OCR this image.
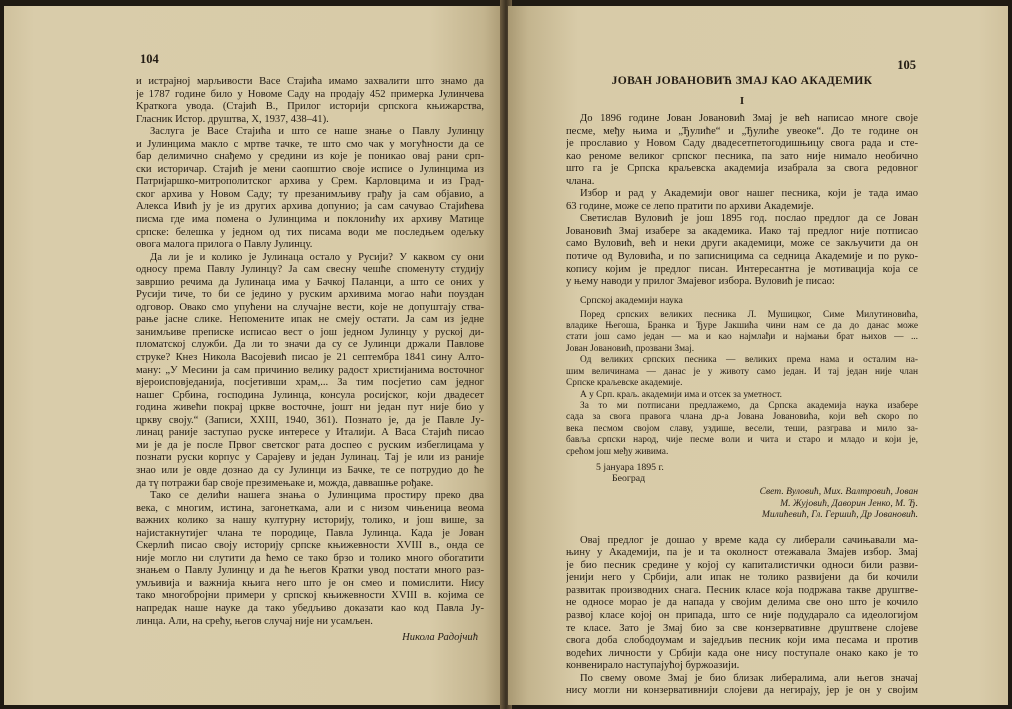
104
и истрајној марљивости Васе Стајића имамо захвалити што знамо да
је 1787 године било у Новоме Саду на продају 452 примерка Јулинчева
Kраткога увода. (Стајић В., Прилог историји српскога књижарства,
Гласник Истор. друштва, X, 1937, 438–41).
Заслуга је Васе Стајића и што се наше знање о Павлу Јулинцу
и Јулинцима макло с мртве тачке, те што смо чак у могућности да се
бар делимично снађемо у средини из које је поникао овај рани срп-
ски историчар. Стајић је мени саопштио своје исписе о Јулинцима из
Патријаршко-митрополитског архива у Срем. Карловцима и из Град-
ског архива у Новом Саду; ту презанимљиву грађу ја сам објавио, а
Алекса Ивић ју је из других архива допунио; ја сам сачувао Стајићева
писма где има помена о Јулинцима и поклонићу их архиву Матице
српске: белешка у једном од тих писама води ме последњем одељку
овога малога прилога о Павлу Јулинцу.
Да ли је и колико је Јулинаца остало у Русији? У каквом су они
односу према Павлу Јулинцу? Ја сам свесну чешће споменуту студију
завршио речима да Јулинаца има у Бачкој Паланци, а што се оних у
Русији тиче, то би се једино у руским архивима могао наћи поуздан
одговор. Овако смо упућени на случајне вести, које не допуштају ства-
рање јасне слике. Непомените ипак не смеју остати. Ја сам из једне
занимљиве преписке исписао вест о још једном Јулинцу у руској ди-
пломатској служби. Да ли то значи да су се Јулинци држали Павлове
струке? Кнез Никола Васојевић писао је 21 септембра 1841 сину Алто-
ману: „У Месини ја сам причинио велику радост христијанима восточног
вјероисповједанија, посјетивши храм,... За тим посјетио сам једног
нашег Србина, господина Јулинца, консула росијског, који двадесет
година живећи покрај цркве восточне, јошт ни један пут није био у
цркву своју.“ (Записи, XXIII, 1940, 361). Познато је, да је Павле Ју-
линац раније заступао руске интересе у Италији. А Васа Стајић писао
ми је да је после Првог светског рата доспео с руским избеглицама у
познати руски корпус у Сарајеву и један Јулинац. Тај је или из раније
знао или је овде дознао да су Јулинци из Бачке, те се потрудио до ће
да тү потражи бар своје презимењаке и, можда, даввашње рођаке.
Тако се делићи нашега знања о Јулинцима простиру преко два
века, с многим, истина, загонеткама, али и с низом чињеница веома
важних колико за нашу културну историју, толико, и још више, за
најистакнутијег члана те породице, Павла Јулинца. Када је Јован
Скерлић писао своју историју српске књижевности XVIII в., онда се
није могло ни слутити да ћемо се тако брзо и толико много обогатити
знањем о Павлу Јулинцу и да ће његов Кратки увод постати много раз-
умљивија и важнија књига него што је он смео и помислити. Нису
тако многобројни примери у српској књижевности XVIII в. којима се
напредак наше науке да тако убедљиво доказати као код Павла Ју-
линца. Али, на срећу, његов случај није ни усамљен.
Никола Радојчић
105
ЈОВАН ЈОВАНОВИЋ ЗМАЈ КАО АКАДЕМИК
I
До 1896 године Јован Јовановић Змај је већ написао многе своје
песме, међу њима и „Ђулиће“ и „Ђулиће увеоке“. До те године он
је прославио у Новом Саду двадесетпетогодишњицу свога рада и сте-
као реноме великог српског песника, па зато није нимало необично
што га је Српска краљевска академија изабрала за свога редовног
члана.
Избор и рад у Академији овог нашег песника, који је тада имао
63 године, може се лепо пратити по архиви Академије.
Светислав Вуловић је још 1895 год. послао предлог да се Јован
Јовановић Змај изабере за академика. Иако тај предлог није потписао
само Вуловић, већ и неки други академици, може се закључити да он
потиче од Вуловића, и по записницима са седница Академије и по руко-
копису којим је предлог писан. Интересантна је мотивација која се
у њему наводи у прилог Змајевог избора. Вуловић је писао:
Српској академији наука
Поред српских великих песника Л. Мушицког, Симе Милутиновића,
владике Његоша, Бранка и Ђуре Јакшића чини нам се да до данас може
стати још само један — ма и као најмлађи и најмањи брат њихов — ...
Јован Јовановић, прозвани Змај.
Од великих српских песника — великих према нама и осталим на-
шим величинама — данас је у животу само један. И тај један није члан
Српске краљевске академије.
А у Срп. краљ. академији има и отсек за уметност.
За то ми потписани предлажемо, да Српска академија наука изабере
сада за свога правога члана др-а Јована Јовановића, који већ скоро по
века песмом својом славу, уздише, весели, теши, разграва и мило за-
бавља српски народ, чије песме воли и чита и старо и младо и који је,
срећом још међу живима.
5 јануара 1895 г.
Београд
Свет. Вуловић, Мих. Валтровић, Јован
М. Жујовић, Даворин Јенко, М. Ђ.
Милићевић, Гл. Гершић, Др Јовановић.
Овај предлог је дошао у време када су либерали сачињавали ма-
њину у Академији, па је и та околност отежавала Змајев избор. Змај
је био песник средине у којој су капиталистички односи били разви-
јенији него у Србији, али ипак не толико развијени да би кочили
развитак производних снага. Песник класе која подржава такве друштве-
не односе морао је да напада у својим делима све оно што је кочило
развој класе којој он припада, што се није подударало са идеологијом
те класе. Зато је Змај био за све конзервативне друштвене слојеве
свога доба слободоумам и заједљив песник који има песама и против
водећих личности у Србији када оне нису поступале онако како је то
конвенирало наступајућој буржоазији.
По свему овоме Змај је био близак либералима, али његов значај
нису могли ни конзервативнији слојеви да негирају, јер је он у својим
